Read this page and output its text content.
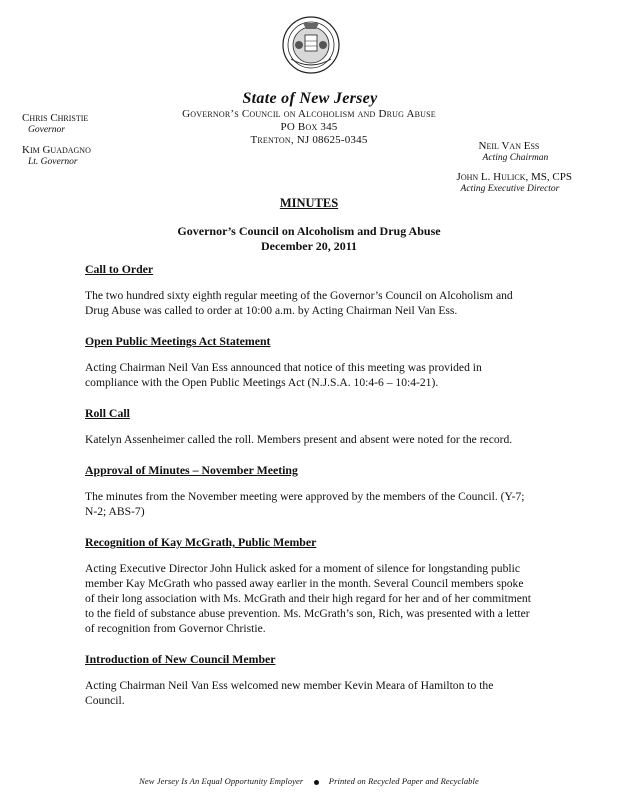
State of New Jersey
Governor’s Council on Alcoholism and Drug Abuse
PO Box 345
Trenton, NJ 08625-0345
Chris Christie
Governor
Kim Guadagno
Lt. Governor
Neil Van Ess
Acting Chairman
John L. Hulick, MS, CPS
Acting Executive Director
MINUTES
Governor’s Council on Alcoholism and Drug Abuse
December 20, 2011
Call to Order

The two hundred sixty eighth regular meeting of the Governor’s Council on Alcoholism and Drug Abuse was called to order at 10:00 a.m. by Acting Chairman Neil Van Ess.

Open Public Meetings Act Statement

Acting Chairman Neil Van Ess announced that notice of this meeting was provided in compliance with the Open Public Meetings Act (N.J.S.A. 10:4-6 – 10:4-21).

Roll Call

Katelyn Assenheimer called the roll. Members present and absent were noted for the record.

Approval of Minutes – November Meeting

The minutes from the November meeting were approved by the members of the Council. (Y-7; N-2; ABS-7)

Recognition of Kay McGrath, Public Member

Acting Executive Director John Hulick asked for a moment of silence for longstanding public member Kay McGrath who passed away earlier in the month. Several Council members spoke of their long association with Ms. McGrath and their high regard for her and of her commitment to the field of substance abuse prevention. Ms. McGrath’s son, Rich, was presented with a letter of recognition from Governor Christie.

Introduction of New Council Member

Acting Chairman Neil Van Ess welcomed new member Kevin Meara of Hamilton to the Council.

New Jersey Is An Equal Opportunity Employer	Printed on Recycled Paper and Recyclable
